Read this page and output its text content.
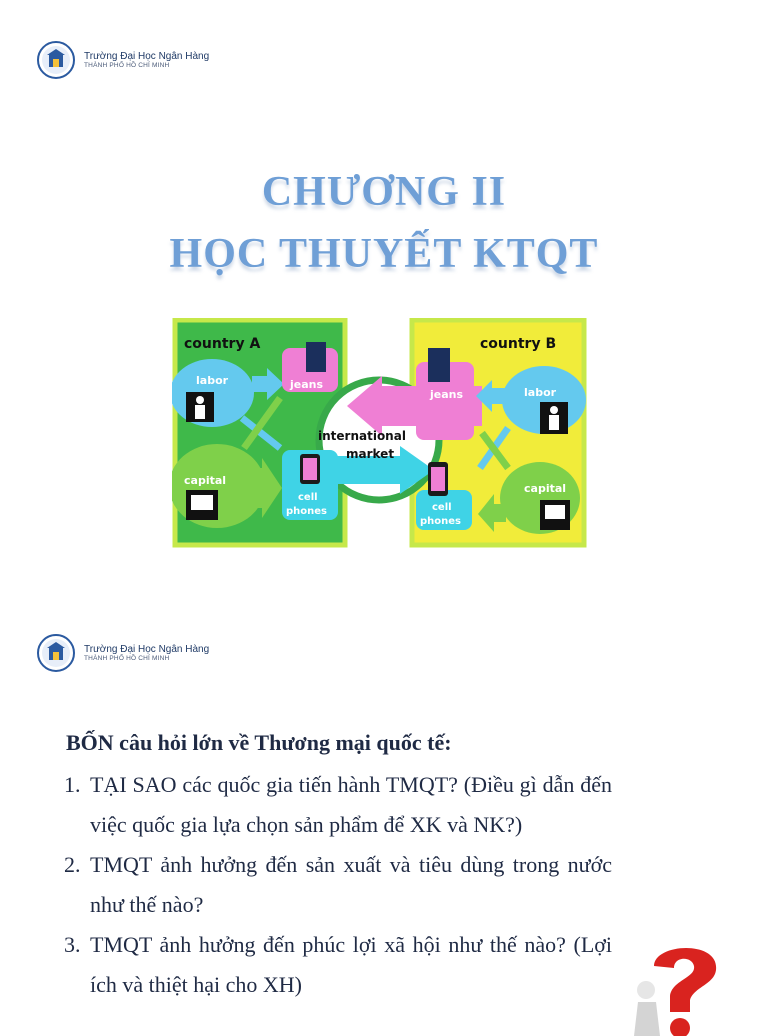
Trường Đại Học Ngân Hàng
THÀNH PHỐ HỒ CHÍ MINH
CHƯƠNG II
HỌC THUYẾT KTQT
country A	country B
labor
capital
jeans
cell
phones
labor
capital
jeans
cell
phones
international
market
Trường Đại Học Ngân Hàng
THÀNH PHỐ HỒ CHÍ MINH
BỐN câu hỏi lớn về Thương mại quốc tế:
1. TẠI SAO các quốc gia tiến hành TMQT? (Điều gì dẫn đến việc quốc gia lựa chọn sản phẩm để XK và NK?)
2. TMQT ảnh hưởng đến sản xuất và tiêu dùng trong nước như thế nào?
3. TMQT ảnh hưởng đến phúc lợi xã hội như thế nào? (Lợi ích và thiệt hại cho XH)
